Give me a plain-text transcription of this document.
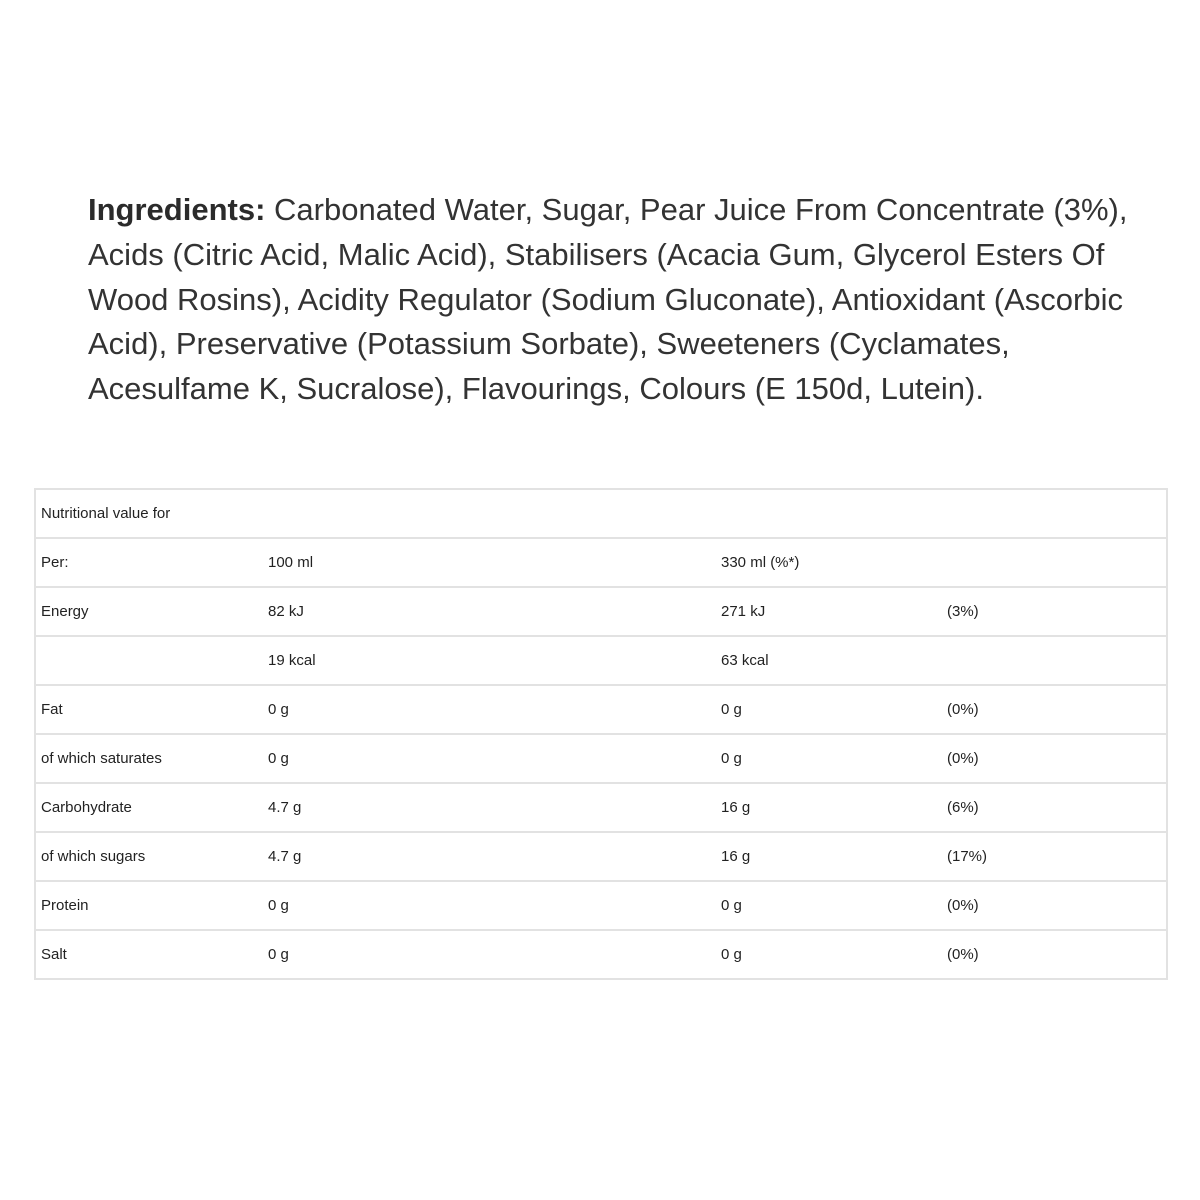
Ingredients: Carbonated Water, Sugar, Pear Juice From Concentrate (3%), Acids (Citric Acid, Malic Acid), Stabilisers (Acacia Gum, Glycerol Esters Of Wood Rosins), Acidity Regulator (Sodium Gluconate), Antioxidant (Ascorbic Acid), Preservative (Potassium Sorbate), Sweeteners (Cyclamates, Acesulfame K, Sucralose), Flavourings, Colours (E 150d, Lutein).

Nutritional value for			
Per:	100 ml	330 ml (%*)	
Energy	82 kJ	271 kJ	(3%)
	19 kcal	63 kcal	
Fat	0 g	0 g	(0%)
of which saturates	0 g	0 g	(0%)
Carbohydrate	4.7 g	16 g	(6%)
of which sugars	4.7 g	16 g	(17%)
Protein	0 g	0 g	(0%)
Salt	0 g	0 g	(0%)
